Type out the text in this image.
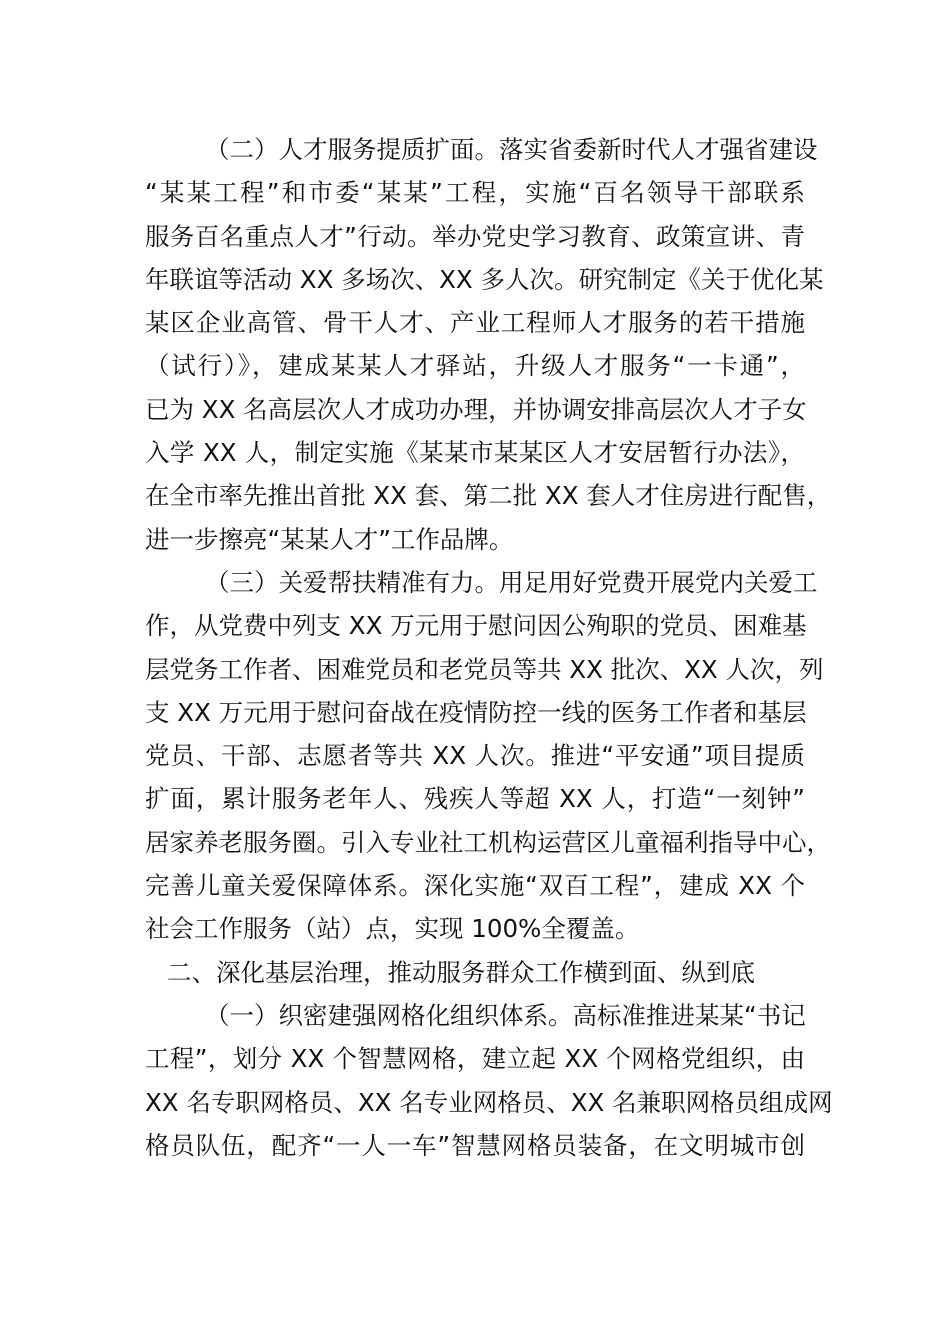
（二）人才服务提质扩面。落实省委新时代人才强省建设
“某某工程”和市委“某某”工程，实施“百名领导干部联系
服务百名重点人才”行动。举办党史学习教育、政策宣讲、青
年联谊等活动 XX 多场次、XX 多人次。研究制定《关于优化某
某区企业高管、骨干人才、产业工程师人才服务的若干措施
（试行）》，建成某某人才驿站，升级人才服务“一卡通”，
已为 XX 名高层次人才成功办理，并协调安排高层次人才子女
入学 XX 人，制定实施《某某市某某区人才安居暂行办法》，
在全市率先推出首批 XX 套、第二批 XX 套人才住房进行配售，
进一步擦亮“某某人才”工作品牌。
（三）关爱帮扶精准有力。用足用好党费开展党内关爱工
作，从党费中列支 XX 万元用于慰问因公殉职的党员、困难基
层党务工作者、困难党员和老党员等共 XX 批次、XX 人次，列
支 XX 万元用于慰问奋战在疫情防控一线的医务工作者和基层
党员、干部、志愿者等共 XX 人次。推进“平安通”项目提质
扩面，累计服务老年人、残疾人等超 XX 人，打造“一刻钟”
居家养老服务圈。引入专业社工机构运营区儿童福利指导中心，
完善儿童关爱保障体系。深化实施“双百工程”，建成 XX 个
社会工作服务（站）点，实现 100%全覆盖。
二、深化基层治理，推动服务群众工作横到面、纵到底
（一）织密建强网格化组织体系。高标准推进某某“书记
工程”，划分 XX 个智慧网格，建立起 XX 个网格党组织，由
XX 名专职网格员、XX 名专业网格员、XX 名兼职网格员组成网
格员队伍，配齐“一人一车”智慧网格员装备，在文明城市创
